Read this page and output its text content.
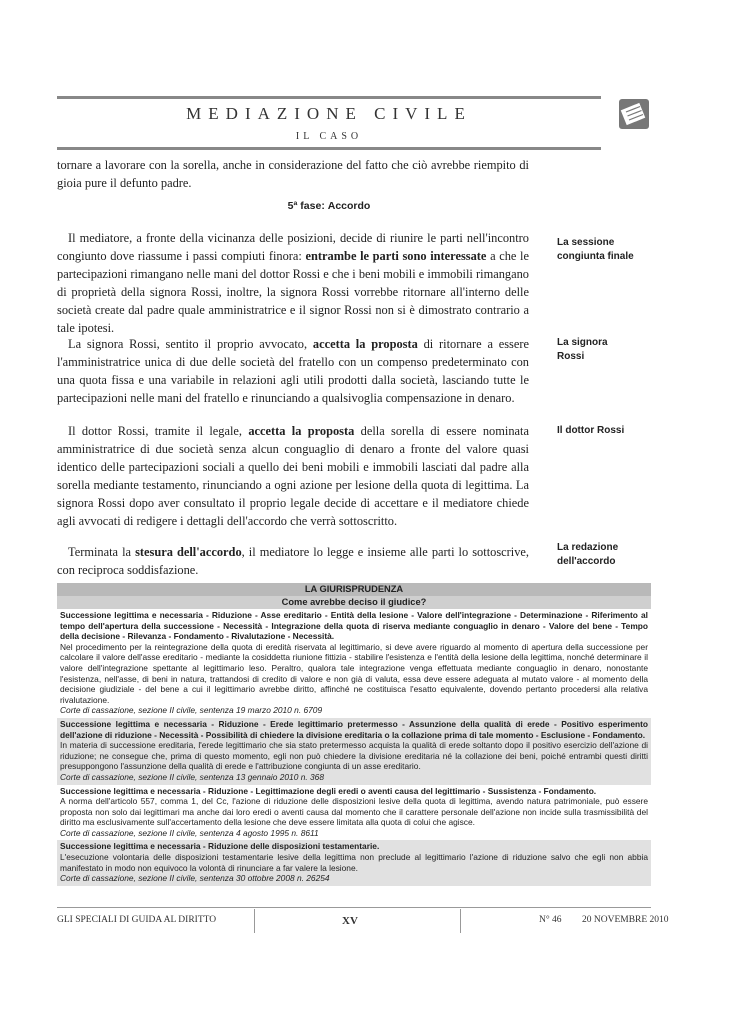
MEDIAZIONE CIVILE
IL CASO

tornare a lavorare con la sorella, anche in considerazione del fatto che ciò avrebbe riempito di gioia pure il defunto padre.

5ª fase: Accordo

Il mediatore, a fronte della vicinanza delle posizioni, decide di riunire le parti nell'incontro congiunto dove riassume i passi compiuti finora: entrambe le parti sono interessate a che le partecipazioni rimangano nelle mani del dottor Rossi e che i beni mobili e immobili rimangano di proprietà della signora Rossi, inoltre, la signora Rossi vorrebbe ritornare all'interno delle società create dal padre quale amministratrice e il signor Rossi non si è dimostrato contrario a tale ipotesi.

La sessione congiunta finale

La signora Rossi, sentito il proprio avvocato, accetta la proposta di ritornare a essere l'amministratrice unica di due delle società del fratello con un compenso predeterminato con una quota fissa e una variabile in relazioni agli utili prodotti dalla società, lasciando tutte le partecipazioni nelle mani del fratello e rinunciando a qualsivoglia compensazione in denaro.

La signora Rossi

Il dottor Rossi, tramite il legale, accetta la proposta della sorella di essere nominata amministratrice di due società senza alcun conguaglio di denaro a fronte del valore quasi identico delle partecipazioni sociali a quello dei beni mobili e immobili lasciati dal padre alla sorella mediante testamento, rinunciando a ogni azione per lesione della quota di legittima. La signora Rossi dopo aver consultato il proprio legale decide di accettare e il mediatore chiede agli avvocati di redigere i dettagli dell'accordo che verrà sottoscritto.

Il dottor Rossi

Terminata la stesura dell'accordo, il mediatore lo legge e insieme alle parti lo sottoscrive, con reciproca soddisfazione.

La redazione dell'accordo
LA GIURISPRUDENZA
Come avrebbe deciso il giudice?
Successione legittima e necessaria - Riduzione - Asse ereditario - Entità della lesione - Valore dell'integrazione - Determinazione - Riferimento al tempo dell'apertura della successione - Necessità - Integrazione della quota di riserva mediante conguaglio in denaro - Valore del bene - Tempo della decisione - Rilevanza - Fondamento - Rivalutazione - Necessità.
Nel procedimento per la reintegrazione della quota di eredità riservata al legittimario, si deve avere riguardo al momento di apertura della successione per calcolare il valore dell'asse ereditario - mediante la cosiddetta riunione fittizia - stabilire l'esistenza e l'entità della lesione della legittima, nonché determinare il valore dell'integrazione spettante al legittimario leso. Peraltro, qualora tale integrazione venga effettuata mediante conguaglio in denaro, nonostante l'esistenza, nell'asse, di beni in natura, trattandosi di credito di valore e non già di valuta, essa deve essere adeguata al mutato valore - al momento della decisione giudiziale - del bene a cui il legittimario avrebbe diritto, affinché ne costituisca l'esatto equivalente, dovendo pertanto procedersi alla relativa rivalutazione.
Corte di cassazione, sezione II civile, sentenza 19 marzo 2010 n. 6709
Successione legittima e necessaria - Riduzione - Erede legittimario pretermesso - Assunzione della qualità di erede - Positivo esperimento dell'azione di riduzione - Necessità - Possibilità di chiedere la divisione ereditaria o la collazione prima di tale momento - Esclusione - Fondamento.
In materia di successione ereditaria, l'erede legittimario che sia stato pretermesso acquista la qualità di erede soltanto dopo il positivo esercizio dell'azione di riduzione; ne consegue che, prima di questo momento, egli non può chiedere la divisione ereditaria né la collazione dei beni, poiché entrambi questi diritti presuppongono l'assunzione della qualità di erede e l'attribuzione congiunta di un asse ereditario.
Corte di cassazione, sezione II civile, sentenza 13 gennaio 2010 n. 368
Successione legittima e necessaria - Riduzione - Legittimazione degli eredi o aventi causa del legittimario - Sussistenza - Fondamento.
A norma dell'articolo 557, comma 1, del Cc, l'azione di riduzione delle disposizioni lesive della quota di legittima, avendo natura patrimoniale, può essere proposta non solo dai legittimari ma anche dai loro eredi o aventi causa dal momento che il carattere personale dell'azione non incide sulla trasmissibilità del diritto ma esclusivamente sull'accertamento della lesione che deve essere limitata alla quota di colui che agisce.
Corte di cassazione, sezione II civile, sentenza 4 agosto 1995 n. 8611
Successione legittima e necessaria - Riduzione delle disposizioni testamentarie.
L'esecuzione volontaria delle disposizioni testamentarie lesive della legittima non preclude al legittimario l'azione di riduzione salvo che egli non abbia manifestato in modo non equivoco la volontà di rinunciare a far valere la lesione.
Corte di cassazione, sezione II civile, sentenza 30 ottobre 2008 n. 26254
GLI SPECIALI DI GUIDA AL DIRITTO	XV	N° 46 20 NOVEMBRE 2010
